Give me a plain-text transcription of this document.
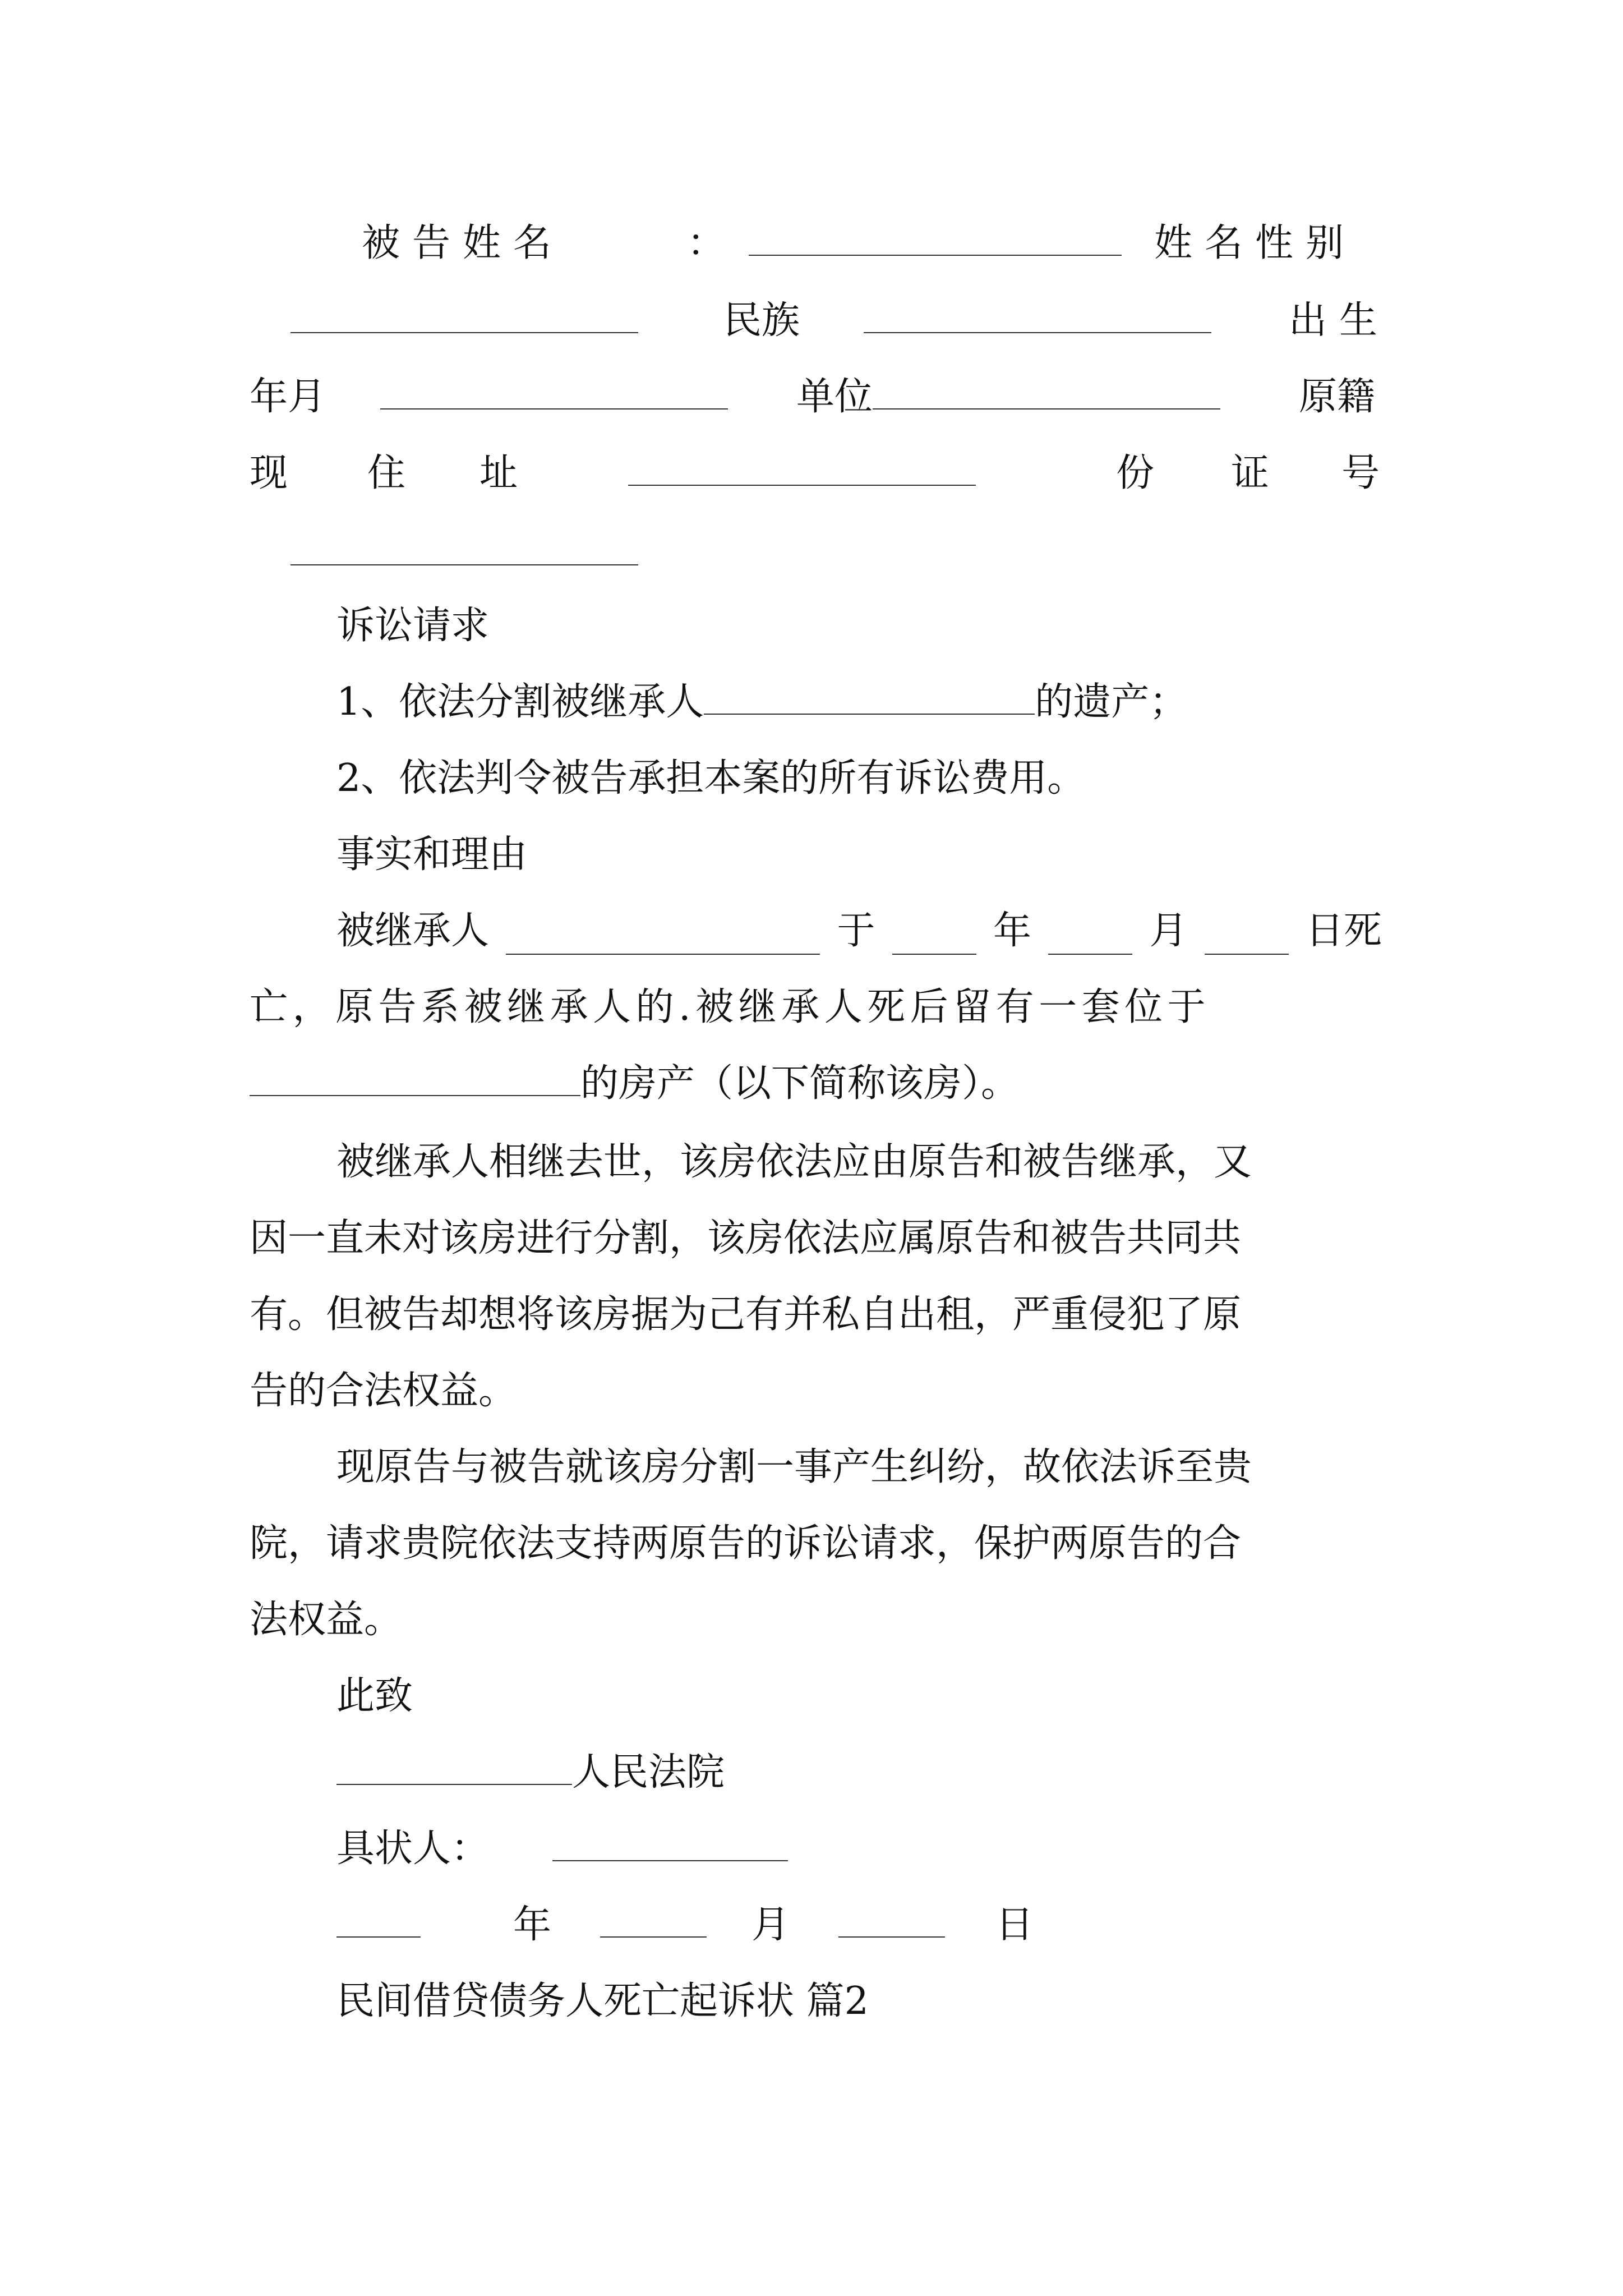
被告姓名	：	姓名性别
民族	出生
年月	单位	原籍
现 住 址	份 证 号
诉讼请求
1、依法分割被继承人	的遗产；
2、依法判令被告承担本案的所有诉讼费用。
事实和理由
被继承人	于	年	月	日死
亡，原告系被继承人的.被继承人死后留有一套位于
的房产（以下简称该房）。
被继承人相继去世，该房依法应由原告和被告继承，又
因一直未对该房进行分割，该房依法应属原告和被告共同共
有。但被告却想将该房据为己有并私自出租，严重侵犯了原
告的合法权益。
现原告与被告就该房分割一事产生纠纷，故依法诉至贵
院，请求贵院依法支持两原告的诉讼请求，保护两原告的合
法权益。
此致
人民法院
具状人：
年	月	日
民间借贷债务人死亡起诉状 篇2
